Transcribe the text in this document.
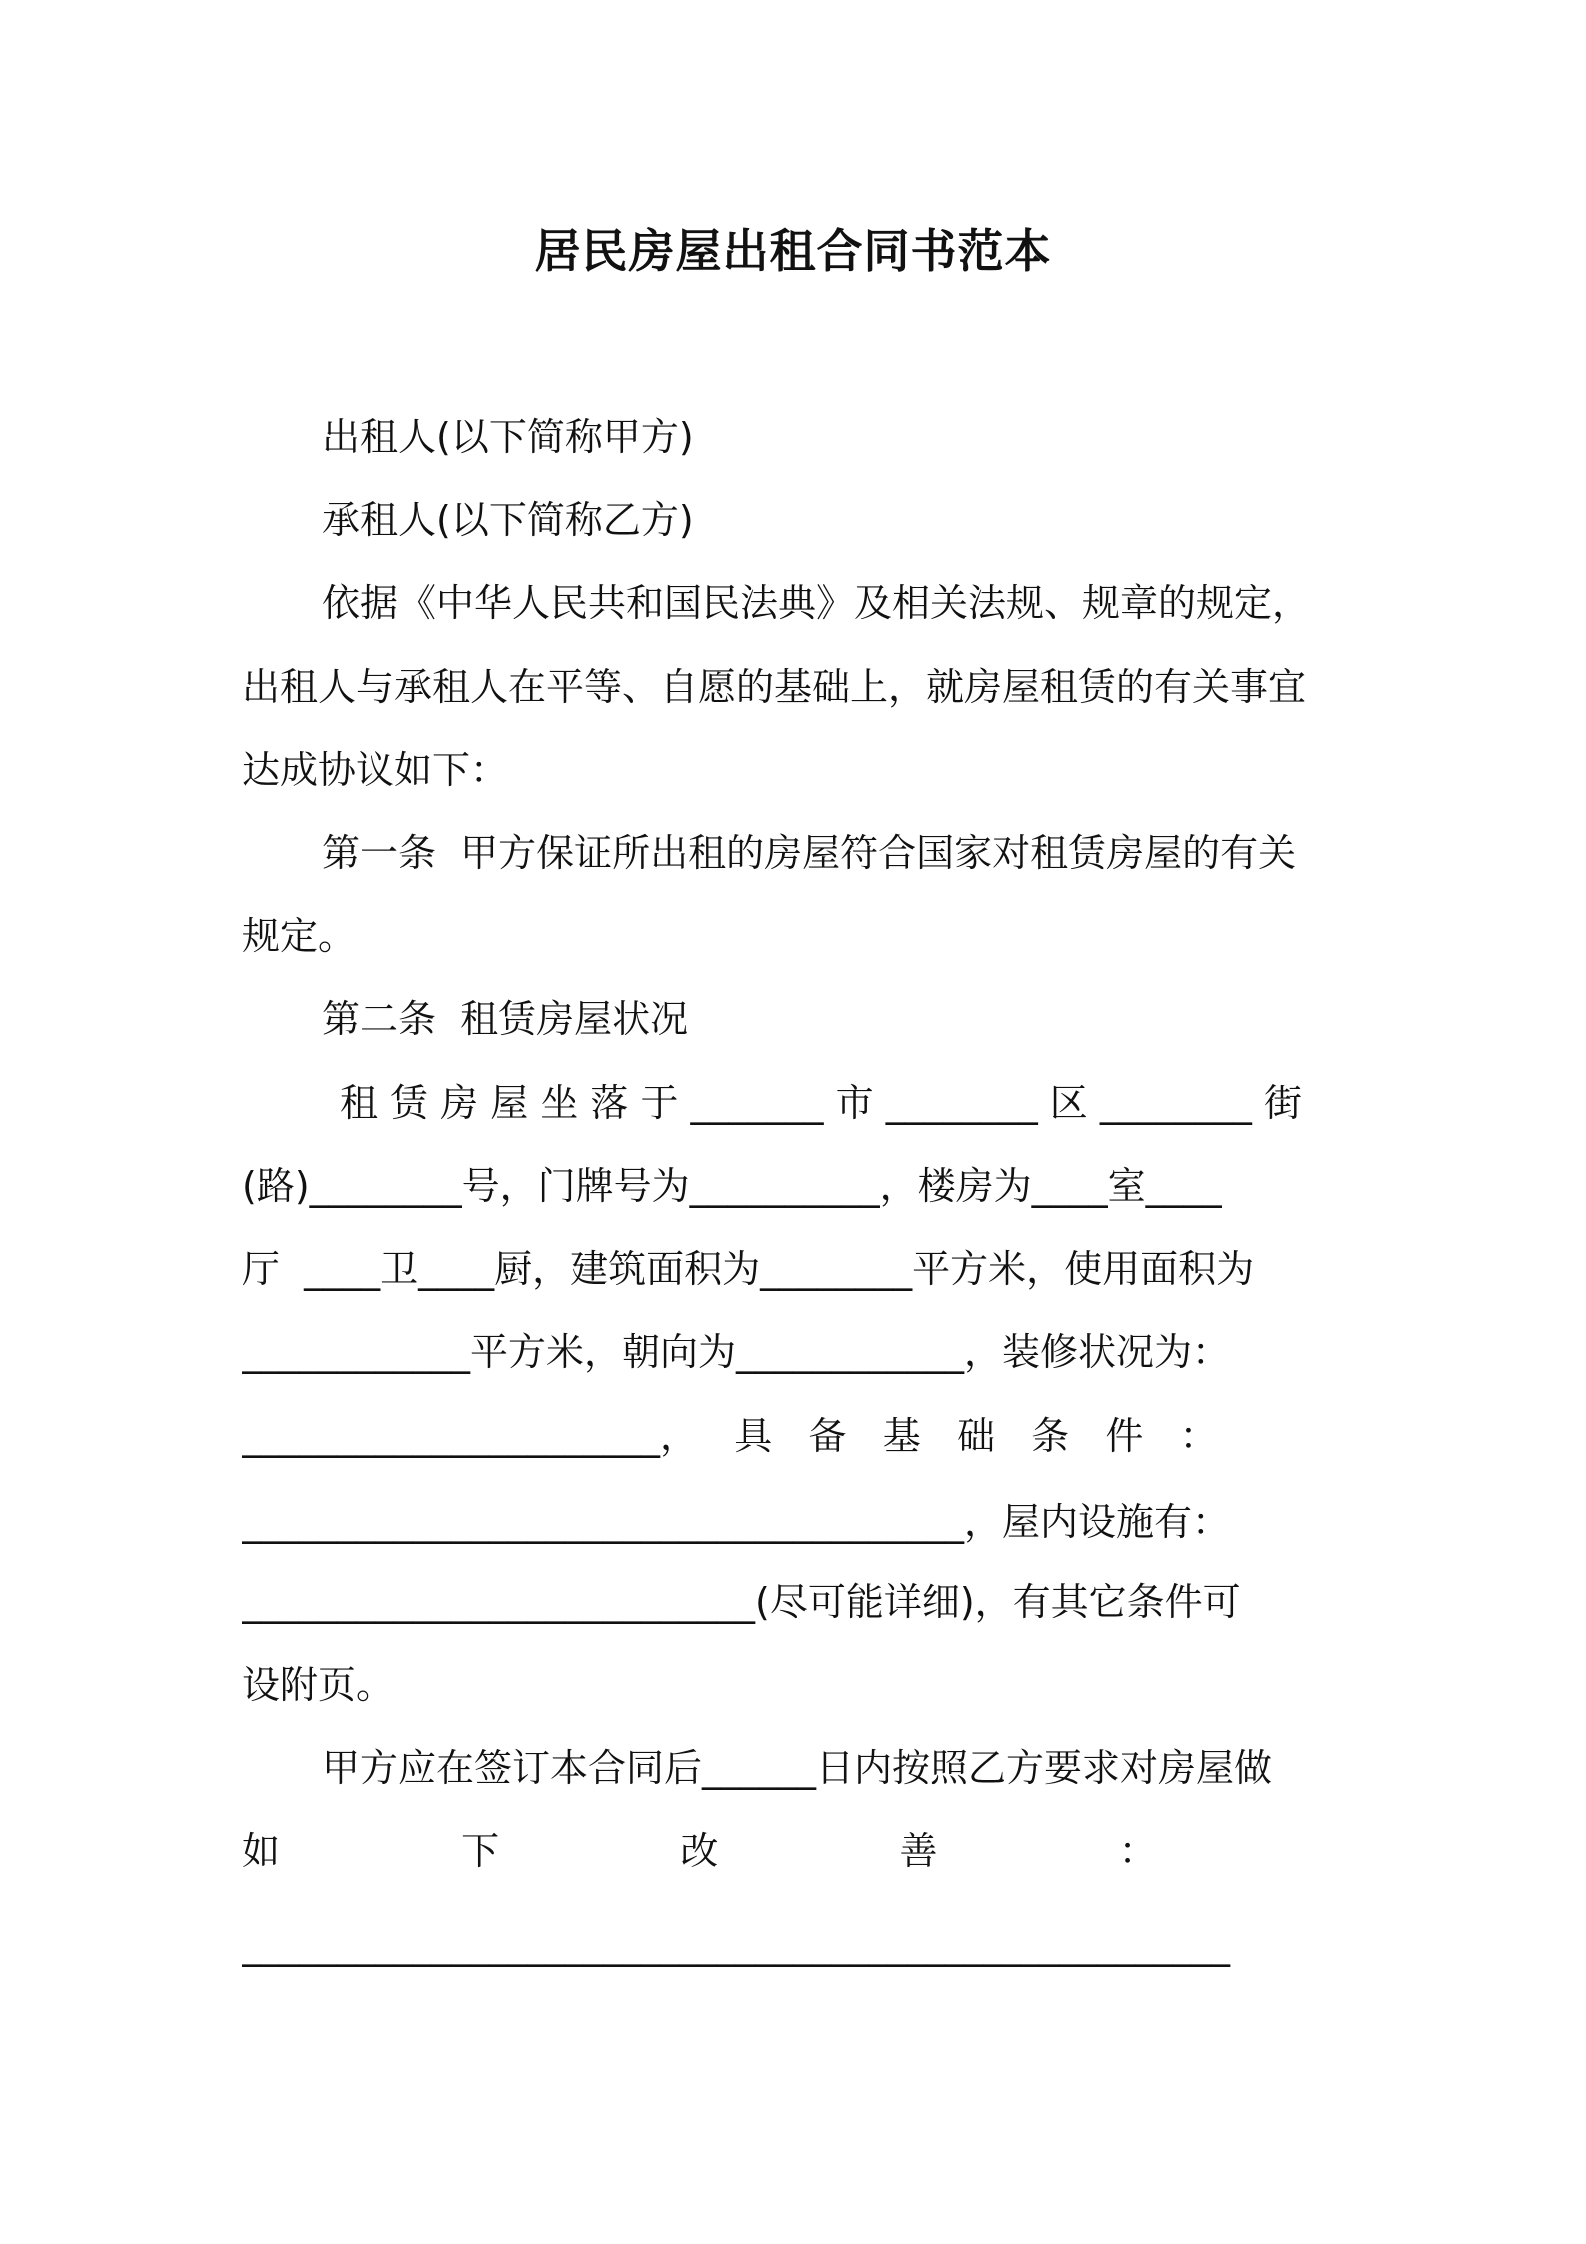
居民房屋出租合同书范本

出租人(以下简称甲方)

承租人(以下简称乙方)

依据《中华人民共和国民法典》及相关法规、规章的规定，

出租人与承租人在平等、自愿的基础上，就房屋租赁的有关事宜

达成协议如下：

第一条  甲方保证所出租的房屋符合国家对租赁房屋的有关

规定。

第二条  租赁房屋状况

租 赁 房 屋 坐 落 于 _______ 市 ________ 区 ________ 街

(路)________号，门牌号为__________，楼房为____室____

厅  ____卫____厨，建筑面积为________平方米，使用面积为

____________平方米，朝向为____________，装修状况为：

______________________，   具   备   基   础   条   件   ：

______________________________________，屋内设施有：

___________________________(尽可能详细)，有其它条件可

设附页。

甲方应在签订本合同后______日内按照乙方要求对房屋做

如               下               改               善               ：

____________________________________________________
